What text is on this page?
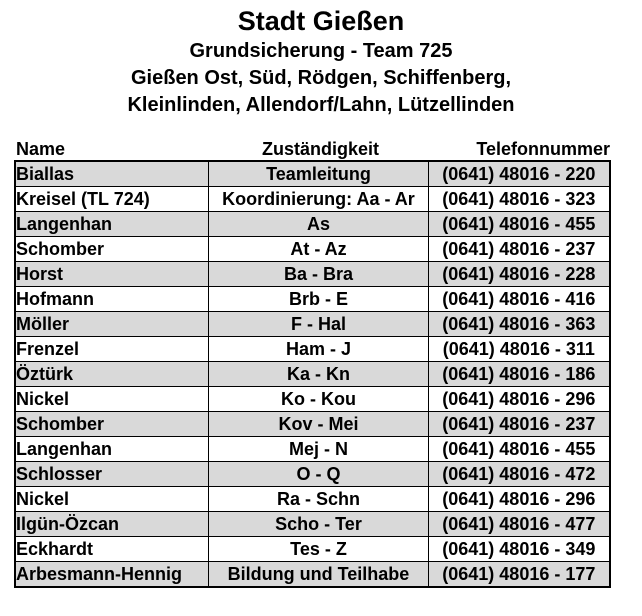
Stadt Gießen
Grundsicherung - Team 725
Gießen Ost, Süd, Rödgen, Schiffenberg,
Kleinlinden, Allendorf/Lahn, Lützellinden
Name	Zuständigkeit	Telefonnummer
Biallas	Teamleitung	(0641) 48016 - 220
Kreisel (TL 724)	Koordinierung: Aa - Ar	(0641) 48016 - 323
Langenhan	As	(0641) 48016 - 455
Schomber	At - Az	(0641) 48016 - 237
Horst	Ba - Bra	(0641) 48016 - 228
Hofmann	Brb - E	(0641) 48016 - 416
Möller	F - Hal	(0641) 48016 - 363
Frenzel	Ham - J	(0641) 48016 - 311
Öztürk	Ka - Kn	(0641) 48016 - 186
Nickel	Ko - Kou	(0641) 48016 - 296
Schomber	Kov - Mei	(0641) 48016 - 237
Langenhan	Mej - N	(0641) 48016 - 455
Schlosser	O - Q	(0641) 48016 - 472
Nickel	Ra - Schn	(0641) 48016 - 296
Ilgün-Özcan	Scho - Ter	(0641) 48016 - 477
Eckhardt	Tes - Z	(0641) 48016 - 349
Arbesmann-Hennig	Bildung und Teilhabe	(0641) 48016 - 177
